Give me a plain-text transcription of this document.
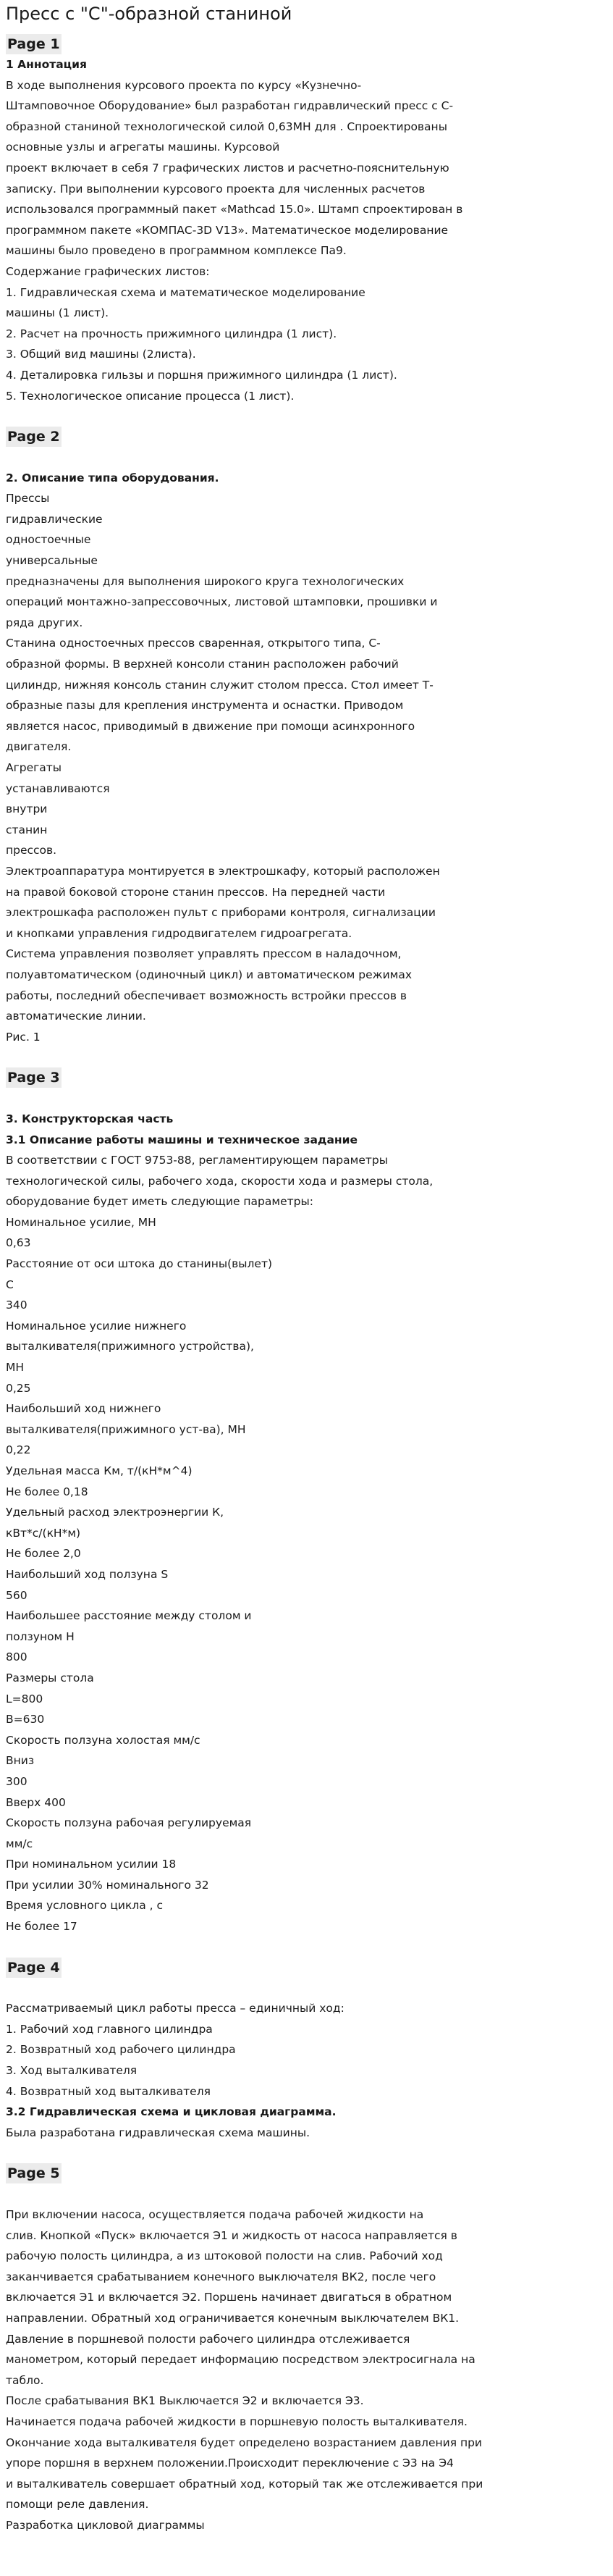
Пресс с "С"-образной станиной
Page 1

1 Аннотация

В ходе выполнения курсового проекта по курсу «Кузнечно-

Штамповочное Оборудование» был разработан гидравлический пресс с С-

образной станиной технологической силой 0,63МН для . Спроектированы

основные узлы и агрегаты машины. Курсовой

проект включает в себя 7 графических листов и расчетно-пояснительную

записку. При выполнении курсового проекта для численных расчетов

использовался программный пакет «Mathcad 15.0». Штамп спроектирован в

программном пакете «КОМПАС-3D V13». Математическое моделирование

машины было проведено в программном комплексе Па9.

Содержание графических листов:

1. Гидравлическая схема и математическое моделирование

машины (1 лист).

2. Расчет на прочность прижимного цилиндра (1 лист).

3. Общий вид машины (2листа).

4. Деталировка гильзы и поршня прижимного цилиндра (1 лист).

5. Технологическое описание процесса (1 лист).

Page 2

2. Описание типа оборудования.

Прессы

гидравлические

одностоечные

универсальные

предназначены для выполнения широкого круга технологических

операций монтажно-запрессовочных, листовой штамповки, прошивки и

ряда других.

Станина одностоечных прессов сваренная, открытого типа, С-

образной формы. В верхней консоли станин расположен рабочий

цилиндр, нижняя консоль станин служит столом пресса. Стол имеет Т-

образные пазы для крепления инструмента и оснастки. Приводом

является насос, приводимый в движение при помощи асинхронного

двигателя.

Агрегаты

устанавливаются

внутри

станин

прессов.

Электроаппаратура монтируется в электрошкафу, который расположен

на правой боковой стороне станин прессов. На передней части

электрошкафа расположен пульт с приборами контроля, сигнализации

и кнопками управления гидродвигателем гидроагрегата.

Система управления позволяет управлять прессом в наладочном,

полуавтоматическом (одиночный цикл) и автоматическом режимах

работы, последний обеспечивает возможность встройки прессов в

автоматические линии.

Рис. 1

Page 3

3. Конструкторская часть

3.1 Описание работы машины и техническое задание

В соответствии с ГОСТ 9753-88, регламентирующем параметры

технологической силы, рабочего хода, скорости хода и размеры стола,

оборудование будет иметь следующие параметры:

Номинальное усилие, МН

0,63

Расстояние от оси штока до станины(вылет)

С

340

Номинальное усилие нижнего

выталкивателя(прижимного устройства),

МН

0,25

Наибольший ход нижнего

выталкивателя(прижимного уст-ва), МН

0,22

Удельная масса Км, т/(кН*м^4)

Не более 0,18

Удельный расход электроэнергии К,

кВт*с/(кН*м)

Не более 2,0

Наибольший ход ползуна S

560

Наибольшее расстояние между столом и

ползуном Н

800

Размеры стола

L=800

B=630

Скорость ползуна холостая мм/с

Вниз

300

Вверх 400

Скорость ползуна рабочая регулируемая

мм/с

При номинальном усилии 18

При усилии 30% номинального 32

Время условного цикла , с

Не более 17

Page 4

Рассматриваемый цикл работы пресса – единичный ход:

1. Рабочий ход главного цилиндра

2. Возвратный ход рабочего цилиндра

3. Ход выталкивателя

4. Возвратный ход выталкивателя

3.2 Гидравлическая схема и цикловая диаграмма.

Была разработана гидравлическая схема машины.

Page 5

При включении насоса, осуществляется подача рабочей жидкости на

слив. Кнопкой «Пуск» включается Э1 и жидкость от насоса направляется в

рабочую полость цилиндра, а из штоковой полости на слив. Рабочий ход

заканчивается срабатыванием конечного выключателя ВК2, после чего

включается Э1 и включается Э2. Поршень начинает двигаться в обратном

направлении. Обратный ход ограничивается конечным выключателем ВК1.

Давление в поршневой полости рабочего цилиндра отслеживается

манометром, который передает информацию посредством электросигнала на

табло.

После срабатывания ВК1 Выключается Э2 и включается Э3.

Начинается подача рабочей жидкости в поршневую полость выталкивателя.

Окончание хода выталкивателя будет определено возрастанием давления при

упоре поршня в верхнем положении.Происходит переключение с Э3 на Э4

и выталкиватель совершает обратный ход, который так же отслеживается при

помощи реле давления.

Разработка цикловой диаграммы
